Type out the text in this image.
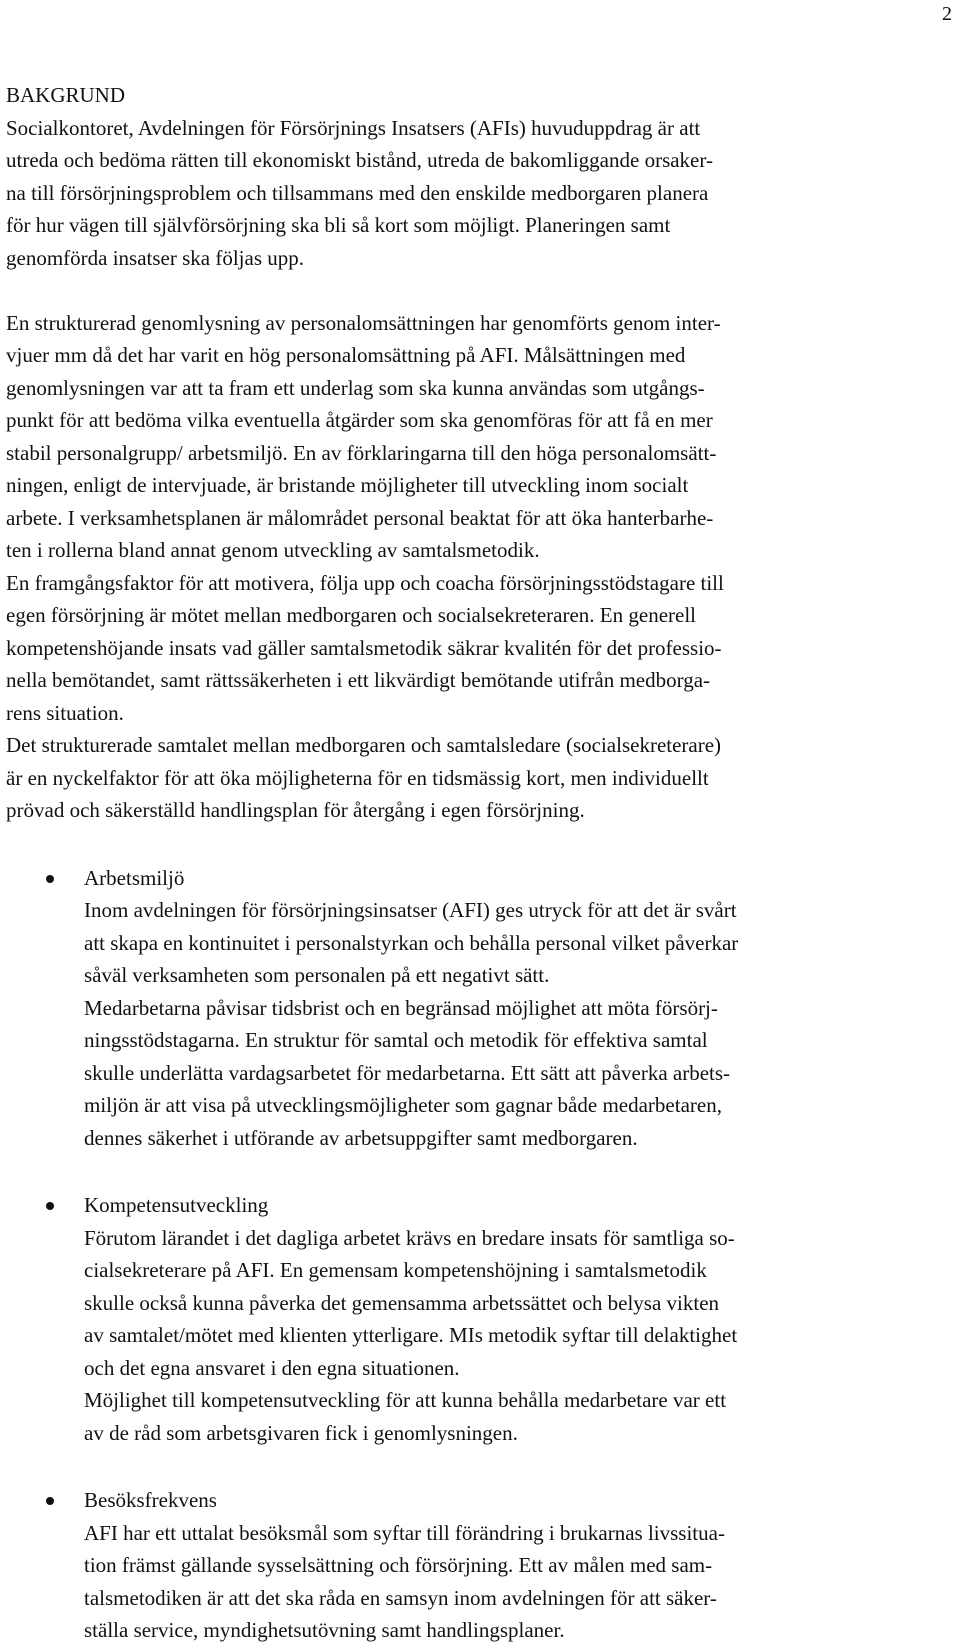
2
BAKGRUND

Socialkontoret, Avdelningen för Försörjnings Insatsers (AFIs) huvuduppdrag är att
utreda och bedöma rätten till ekonomiskt bistånd, utreda de bakomliggande orsaker-
na till försörjningsproblem och tillsammans med den enskilde medborgaren planera
för hur vägen till självförsörjning ska bli så kort som möjligt. Planeringen samt
genomförda insatser ska följas upp.

En strukturerad genomlysning av personalomsättningen har genomförts genom inter-
vjuer mm då det har varit en hög personalomsättning på AFI. Målsättningen med
genomlysningen var att ta fram ett underlag som ska kunna användas som utgångs-
punkt för att bedöma vilka eventuella åtgärder som ska genomföras för att få en mer
stabil personalgrupp/ arbetsmiljö. En av förklaringarna till den höga personalomsätt-
ningen, enligt de intervjuade, är bristande möjligheter till utveckling inom socialt
arbete. I verksamhetsplanen är målområdet personal beaktat för att öka hanterbarhe-
ten i rollerna bland annat genom utveckling av samtalsmetodik.

En framgångsfaktor för att motivera, följa upp och coacha försörjningsstödstagare till
egen försörjning är mötet mellan medborgaren och socialsekreteraren. En generell
kompetenshöjande insats vad gäller samtalsmetodik säkrar kvalitén för det professio-
nella bemötandet, samt rättssäkerheten i ett likvärdigt bemötande utifrån medborga-
rens situation.

Det strukturerade samtalet mellan medborgaren och samtalsledare (socialsekreterare)
är en nyckelfaktor för att öka möjligheterna för en tidsmässig kort, men individuellt
prövad och säkerställd handlingsplan för återgång i egen försörjning.

Arbetsmiljö

Inom avdelningen för försörjningsinsatser (AFI) ges utryck för att det är svårt
att skapa en kontinuitet i personalstyrkan och behålla personal vilket påverkar
såväl verksamheten som personalen på ett negativt sätt.

Medarbetarna påvisar tidsbrist och en begränsad möjlighet att möta försörj-
ningsstödstagarna. En struktur för samtal och metodik för effektiva samtal
skulle underlätta vardagsarbetet för medarbetarna. Ett sätt att påverka arbets-
miljön är att visa på utvecklingsmöjligheter som gagnar både medarbetaren,
dennes säkerhet i utförande av arbetsuppgifter samt medborgaren.

Kompetensutveckling

Förutom lärandet i det dagliga arbetet krävs en bredare insats för samtliga so-
cialsekreterare på AFI. En gemensam kompetenshöjning i samtalsmetodik
skulle också kunna påverka det gemensamma arbetssättet och belysa vikten
av samtalet/mötet med klienten ytterligare. MIs metodik syftar till delaktighet
och det egna ansvaret i den egna situationen.

Möjlighet till kompetensutveckling för att kunna behålla medarbetare var ett
av de råd som arbetsgivaren fick i genomlysningen.

Besöksfrekvens

AFI har ett uttalat besöksmål som syftar till förändring i brukarnas livssitua-
tion främst gällande sysselsättning och försörjning. Ett av målen med sam-
talsmetodiken är att det ska råda en samsyn inom avdelningen för att säker-
ställa service, myndighetsutövning samt handlingsplaner.
